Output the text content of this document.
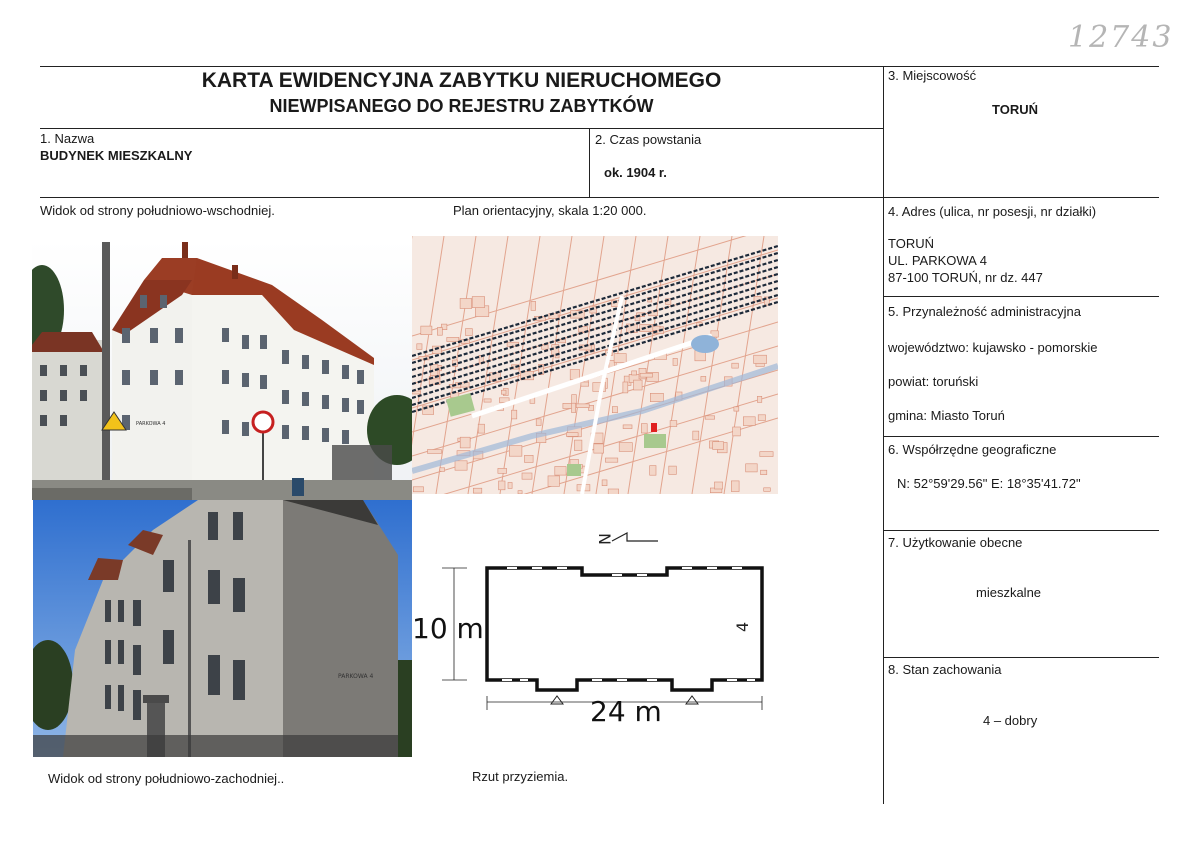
KARTA EWIDENCYJNA ZABYTKU NIERUCHOMEGO
NIEWPISANEGO DO REJESTRU ZABYTKÓW
12743
1. Nazwa
BUDYNEK MIESZKALNY
2. Czas powstania
ok. 1904 r.
3. Miejscowość
TORUŃ
4. Adres (ulica, nr posesji, nr działki)
TORUŃ
UL. PARKOWA 4
87-100 TORUŃ, nr dz. 447
5. Przynależność administracyjna
województwo: kujawsko - pomorskie
powiat: toruński
gmina: Miasto Toruń
6. Współrzędne geograficzne
N: 52°59'29.56" E: 18°35'41.72"
7. Użytkowanie obecne
mieszkalne
8. Stan zachowania
4 – dobry
Widok od strony południowo-wschodniej.	Plan orientacyjny, skala 1:20 000.
Widok od strony południowo-zachodniej..	Rzut przyziemia.
PARKOWA 4
PARKOWA 4
N
10 m
24 m
4
